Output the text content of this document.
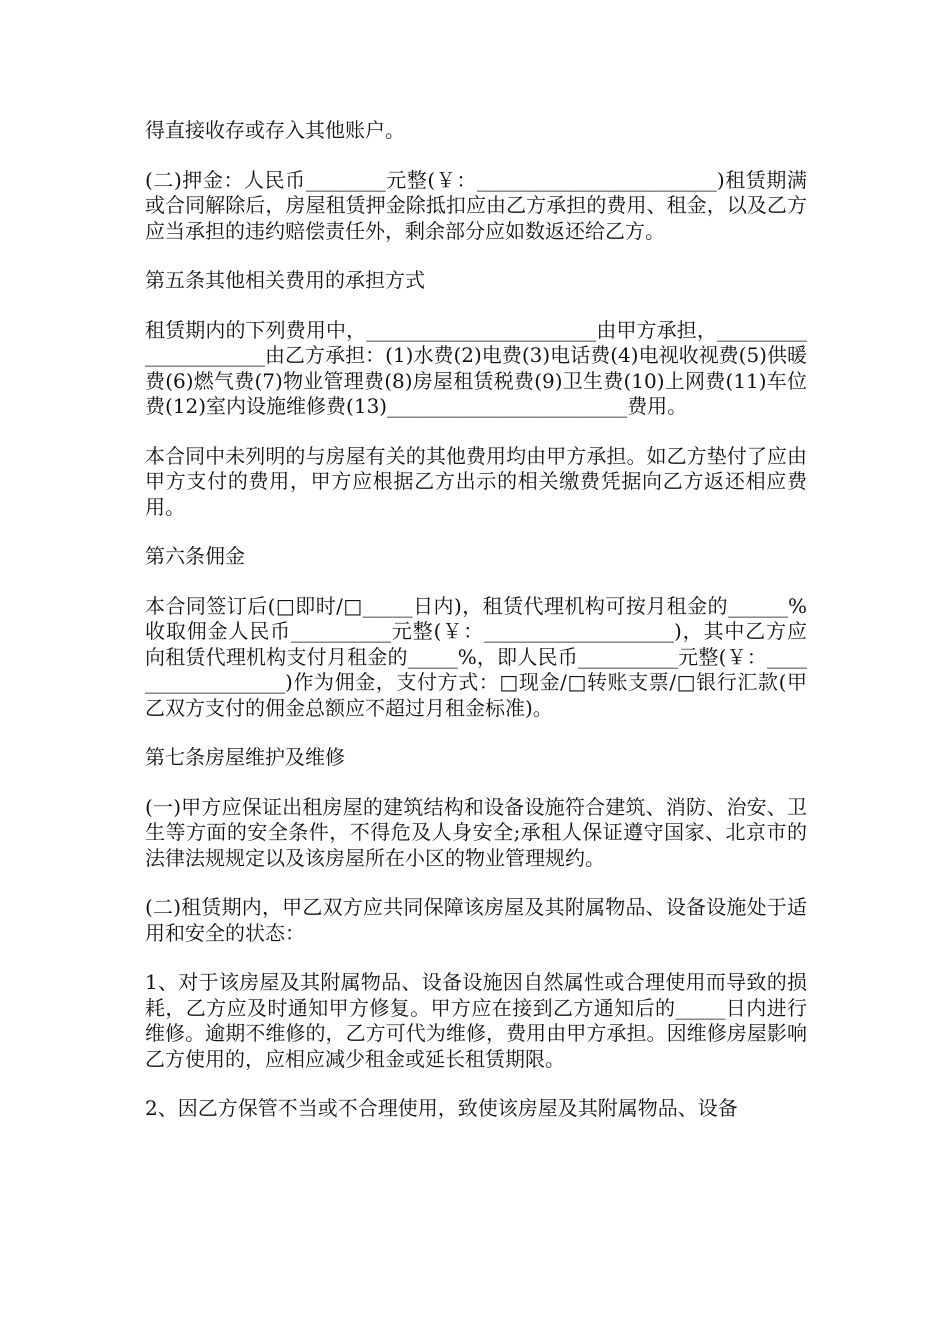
得直接收存或存入其他账户。

(二)押金：人民币________元整(￥：________________________)租赁期满或合同解除后，房屋租赁押金除抵扣应由乙方承担的费用、租金，以及乙方应当承担的违约赔偿责任外，剩余部分应如数返还给乙方。

第五条其他相关费用的承担方式

租赁期内的下列费用中，_______________________由甲方承担，_____________________由乙方承担：(1)水费(2)电费(3)电话费(4)电视收视费(5)供暖费(6)燃气费(7)物业管理费(8)房屋租赁税费(9)卫生费(10)上网费(11)车位费(12)室内设施维修费(13)________________________费用。

本合同中未列明的与房屋有关的其他费用均由甲方承担。如乙方垫付了应由甲方支付的费用，甲方应根据乙方出示的相关缴费凭据向乙方返还相应费用。

第六条佣金

本合同签订后(□即时/□_____日内)，租赁代理机构可按月租金的______%收取佣金人民币__________元整(￥：___________________)，其中乙方应向租赁代理机构支付月租金的_____%，即人民币__________元整(￥：__________________)作为佣金，支付方式：□现金/□转账支票/□银行汇款(甲乙双方支付的佣金总额应不超过月租金标准)。

第七条房屋维护及维修

(一)甲方应保证出租房屋的建筑结构和设备设施符合建筑、消防、治安、卫生等方面的安全条件，不得危及人身安全;承租人保证遵守国家、北京市的法律法规规定以及该房屋所在小区的物业管理规约。

(二)租赁期内，甲乙双方应共同保障该房屋及其附属物品、设备设施处于适用和安全的状态：

1、对于该房屋及其附属物品、设备设施因自然属性或合理使用而导致的损耗，乙方应及时通知甲方修复。甲方应在接到乙方通知后的_____日内进行维修。逾期不维修的，乙方可代为维修，费用由甲方承担。因维修房屋影响乙方使用的，应相应减少租金或延长租赁期限。

2、因乙方保管不当或不合理使用，致使该房屋及其附属物品、设备
